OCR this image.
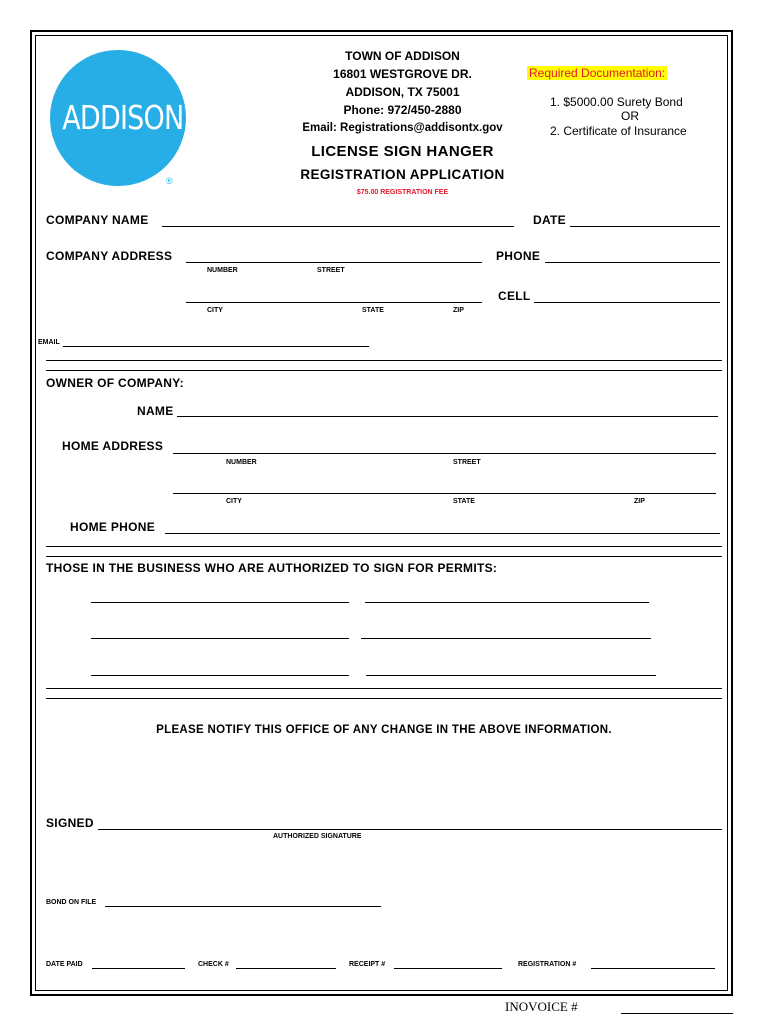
ADDISON
®
TOWN OF ADDISON
16801 WESTGROVE DR.
ADDISON, TX 75001
Phone: 972/450-2880
Email: Registrations@addisontx.gov
LICENSE SIGN HANGER
REGISTRATION APPLICATION
$75.00 REGISTRATION FEE
Required Documentation:
1. $5000.00 Surety Bond
OR
2. Certificate of Insurance
COMPANY NAME	DATE
COMPANY ADDRESS
NUMBER	STREET
PHONE
CITY	STATE	ZIP
CELL
EMAIL
OWNER OF COMPANY:
NAME
HOME ADDRESS
NUMBER	STREET
CITY	STATE	ZIP
HOME PHONE
THOSE IN THE BUSINESS WHO ARE AUTHORIZED TO SIGN FOR PERMITS:
PLEASE NOTIFY THIS OFFICE OF ANY CHANGE IN THE ABOVE INFORMATION.
SIGNED
AUTHORIZED SIGNATURE
BOND ON FILE
DATE PAID	CHECK #	RECEIPT #	REGISTRATION #
INOVOICE #
